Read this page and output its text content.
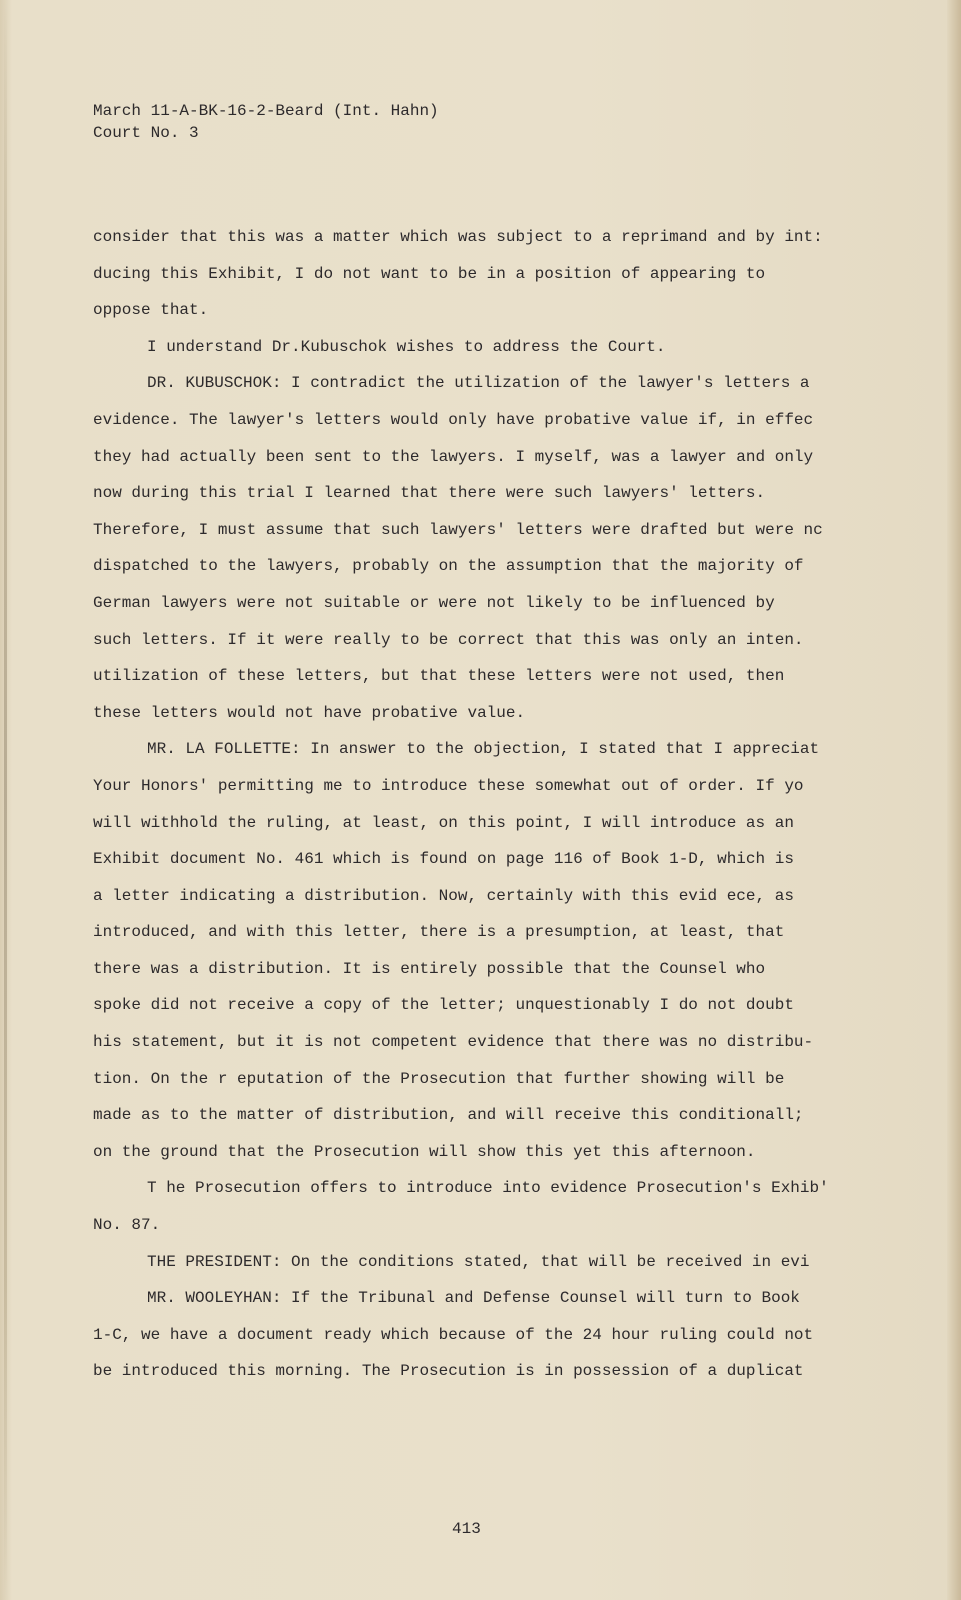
March 11-A-BK-16-2-Beard (Int. Hahn)
Court No. 3
consider that this was a matter which was subject to a reprimand and by int:
ducing this Exhibit, I do not want to be in a position of appearing to
oppose that.
I understand Dr.Kubuschok wishes to address the Court.
DR. KUBUSCHOK: I contradict the utilization of the lawyer's letters a
evidence. The lawyer's letters would only have probative value if, in effec
they had actually been sent to the lawyers. I myself, was a lawyer and only
now during this trial I learned that there were such lawyers' letters.
Therefore, I must assume that such lawyers' letters were drafted but were nc
dispatched to the lawyers, probably on the assumption that the majority of
German lawyers were not suitable or were not likely to be influenced by
such letters. If it were really to be correct that this was only an inten.
utilization of these letters, but that these letters were not used, then
these letters would not have probative value.
MR. LA FOLLETTE: In answer to the objection, I stated that I appreciat
Your Honors' permitting me to introduce these somewhat out of order. If yo
will withhold the ruling, at least, on this point, I will introduce as an
Exhibit document No. 461 which is found on page 116 of Book 1-D, which is
a letter indicating a distribution. Now, certainly with this evid ece, as
introduced, and with this letter, there is a presumption, at least, that
there was a distribution. It is entirely possible that the Counsel who
spoke did not receive a copy of the letter; unquestionably I do not doubt
his statement, but it is not competent evidence that there was no distribu-
tion. On the r eputation of the Prosecution that further showing will be
made as to the matter of distribution, and will receive this conditionall;
on the ground that the Prosecution will show this yet this afternoon.
T he Prosecution offers to introduce into evidence Prosecution's Exhib'
No. 87.
THE PRESIDENT: On the conditions stated, that will be received in evi
MR. WOOLEYHAN: If the Tribunal and Defense Counsel will turn to Book
1-C, we have a document ready which because of the 24 hour ruling could not
be introduced this morning. The Prosecution is in possession of a duplicat
413
